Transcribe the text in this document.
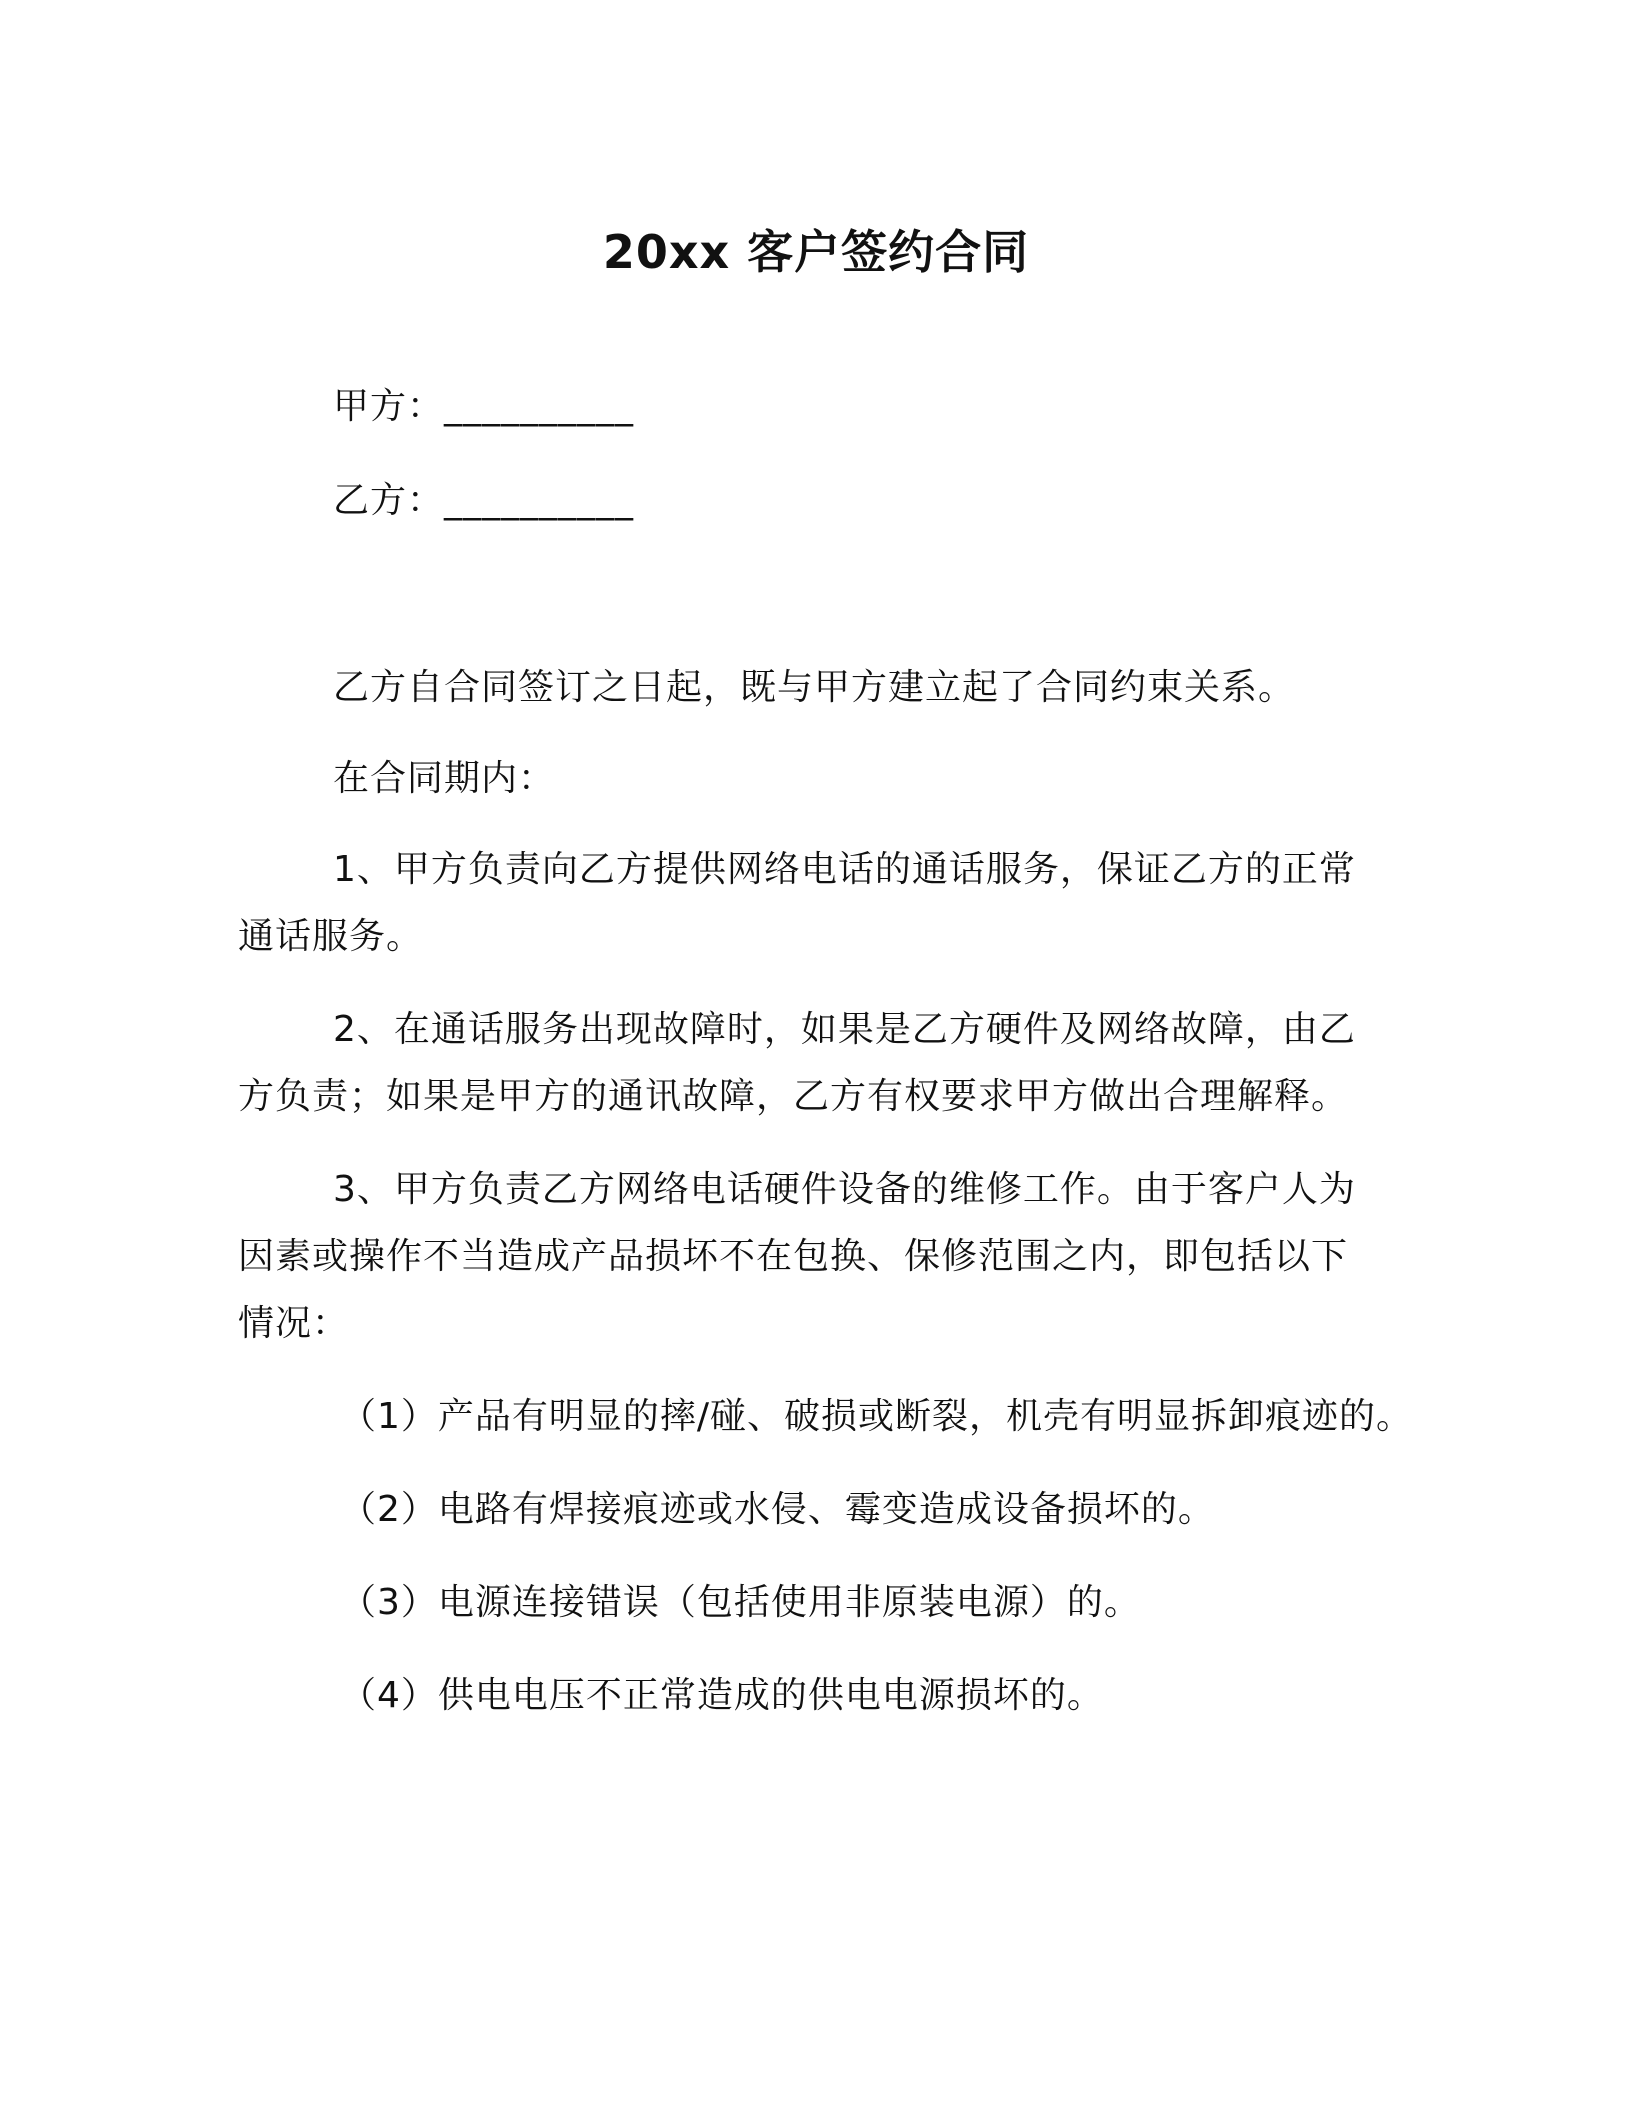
20xx 客户签约合同
甲方：__________
乙方：__________
乙方自合同签订之日起，既与甲方建立起了合同约束关系。
在合同期内：
1、甲方负责向乙方提供网络电话的通话服务，保证乙方的正常
通话服务。
2、在通话服务出现故障时，如果是乙方硬件及网络故障，由乙
方负责；如果是甲方的通讯故障，乙方有权要求甲方做出合理解释。
3、甲方负责乙方网络电话硬件设备的维修工作。由于客户人为
因素或操作不当造成产品损坏不在包换、保修范围之内，即包括以下
情况：
（1）产品有明显的摔/碰、破损或断裂，机壳有明显拆卸痕迹的。
（2）电路有焊接痕迹或水侵、霉变造成设备损坏的。
（3）电源连接错误（包括使用非原装电源）的。
（4）供电电压不正常造成的供电电源损坏的。
